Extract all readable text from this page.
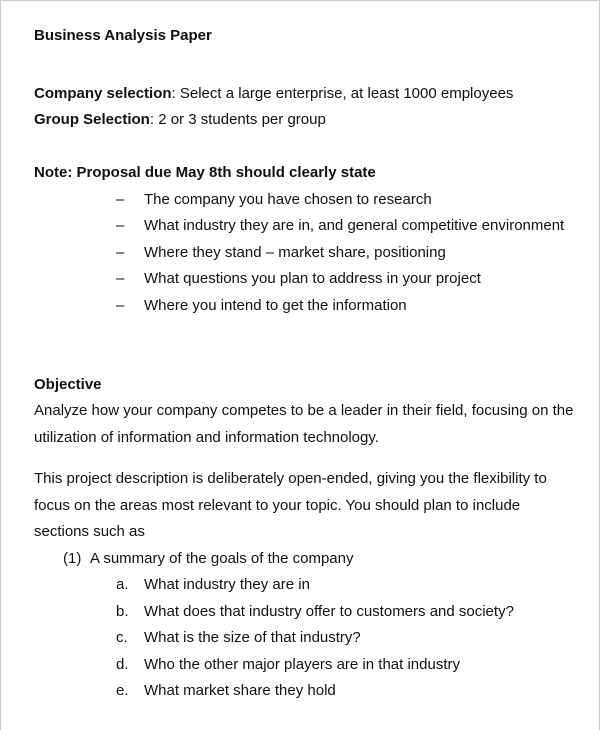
Business Analysis Paper
Company selection: Select a large enterprise, at least 1000 employees
Group Selection: 2 or 3 students per group
Note: Proposal due May 8th should clearly state
– The company you have chosen to research
– What industry they are in, and general competitive environment
– Where they stand – market share, positioning
– What questions you plan to address in your project
– Where you intend to get the information
Objective
Analyze how your company competes to be a leader in their field, focusing on the
utilization of information and information technology.
This project description is deliberately open-ended, giving you the flexibility to
focus on the areas most relevant to your topic. You should plan to include
sections such as
(1) A summary of the goals of the company
a. What industry they are in
b. What does that industry offer to customers and society?
c. What is the size of that industry?
d. Who the other major players are in that industry
e. What market share they hold
